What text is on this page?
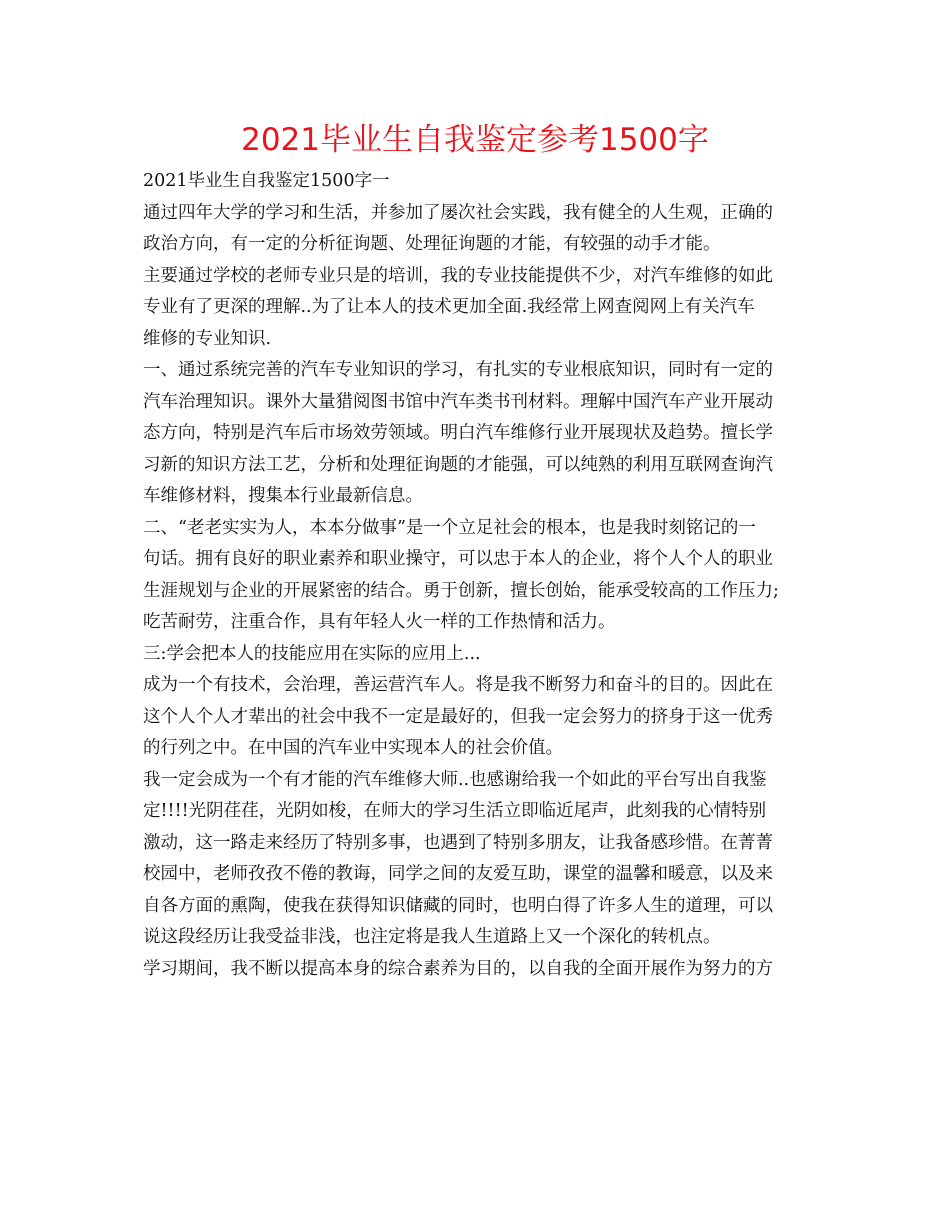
2021毕业生自我鉴定参考1500字
2021毕业生自我鉴定1500字一
通过四年大学的学习和生活，并参加了屡次社会实践，我有健全的人生观，正确的
政治方向，有一定的分析征询题、处理征询题的才能，有较强的动手才能。
主要通过学校的老师专业只是的培训，我的专业技能提供不少，对汽车维修的如此
专业有了更深的理解..为了让本人的技术更加全面.我经常上网查阅网上有关汽车
维修的专业知识.
一、通过系统完善的汽车专业知识的学习，有扎实的专业根底知识，同时有一定的
汽车治理知识。课外大量猎阅图书馆中汽车类书刊材料。理解中国汽车产业开展动
态方向，特别是汽车后市场效劳领域。明白汽车维修行业开展现状及趋势。擅长学
习新的知识方法工艺，分析和处理征询题的才能强，可以纯熟的利用互联网查询汽
车维修材料，搜集本行业最新信息。
二、“老老实实为人，本本分做事”是一个立足社会的根本，也是我时刻铭记的一
句话。拥有良好的职业素养和职业操守，可以忠于本人的企业，将个人个人的职业
生涯规划与企业的开展紧密的结合。勇于创新，擅长创始，能承受较高的工作压力;
吃苦耐劳，注重合作，具有年轻人火一样的工作热情和活力。
三:学会把本人的技能应用在实际的应用上...
成为一个有技术，会治理，善运营汽车人。将是我不断努力和奋斗的目的。因此在
这个人个人才辈出的社会中我不一定是最好的，但我一定会努力的挤身于这一优秀
的行列之中。在中国的汽车业中实现本人的社会价值。
我一定会成为一个有才能的汽车维修大师..也感谢给我一个如此的平台写出自我鉴
定!!!!光阴荏荏，光阴如梭，在师大的学习生活立即临近尾声，此刻我的心情特别
激动，这一路走来经历了特别多事，也遇到了特别多朋友，让我备感珍惜。在菁菁
校园中，老师孜孜不倦的教诲，同学之间的友爱互助，课堂的温馨和暖意，以及来
自各方面的熏陶，使我在获得知识储藏的同时，也明白得了许多人生的道理，可以
说这段经历让我受益非浅，也注定将是我人生道路上又一个深化的转机点。
学习期间，我不断以提高本身的综合素养为目的，以自我的全面开展作为努力的方
